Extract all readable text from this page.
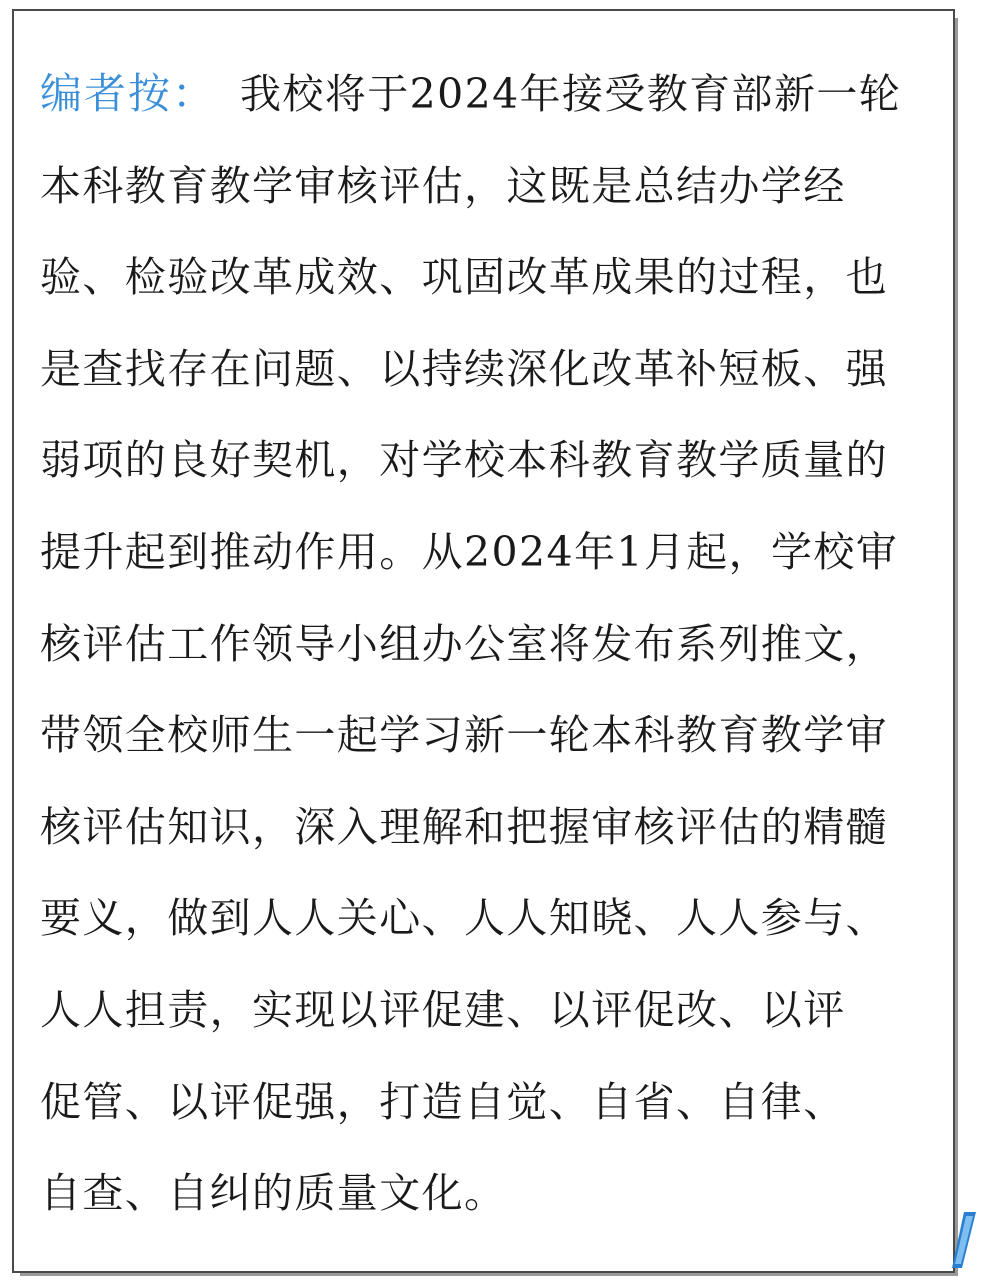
编者按： 我校将于2024年接受教育部新一轮
本科教育教学审核评估，这既是总结办学经
验、检验改革成效、巩固改革成果的过程，也
是查找存在问题、以持续深化改革补短板、强
弱项的良好契机，对学校本科教育教学质量的
提升起到推动作用。从2024年1月起，学校审
核评估工作领导小组办公室将发布系列推文，
带领全校师生一起学习新一轮本科教育教学审
核评估知识，深入理解和把握审核评估的精髓
要义，做到人人关心、人人知晓、人人参与、
人人担责，实现以评促建、以评促改、以评
促管、以评促强，打造自觉、自省、自律、
自查、自纠的质量文化。
